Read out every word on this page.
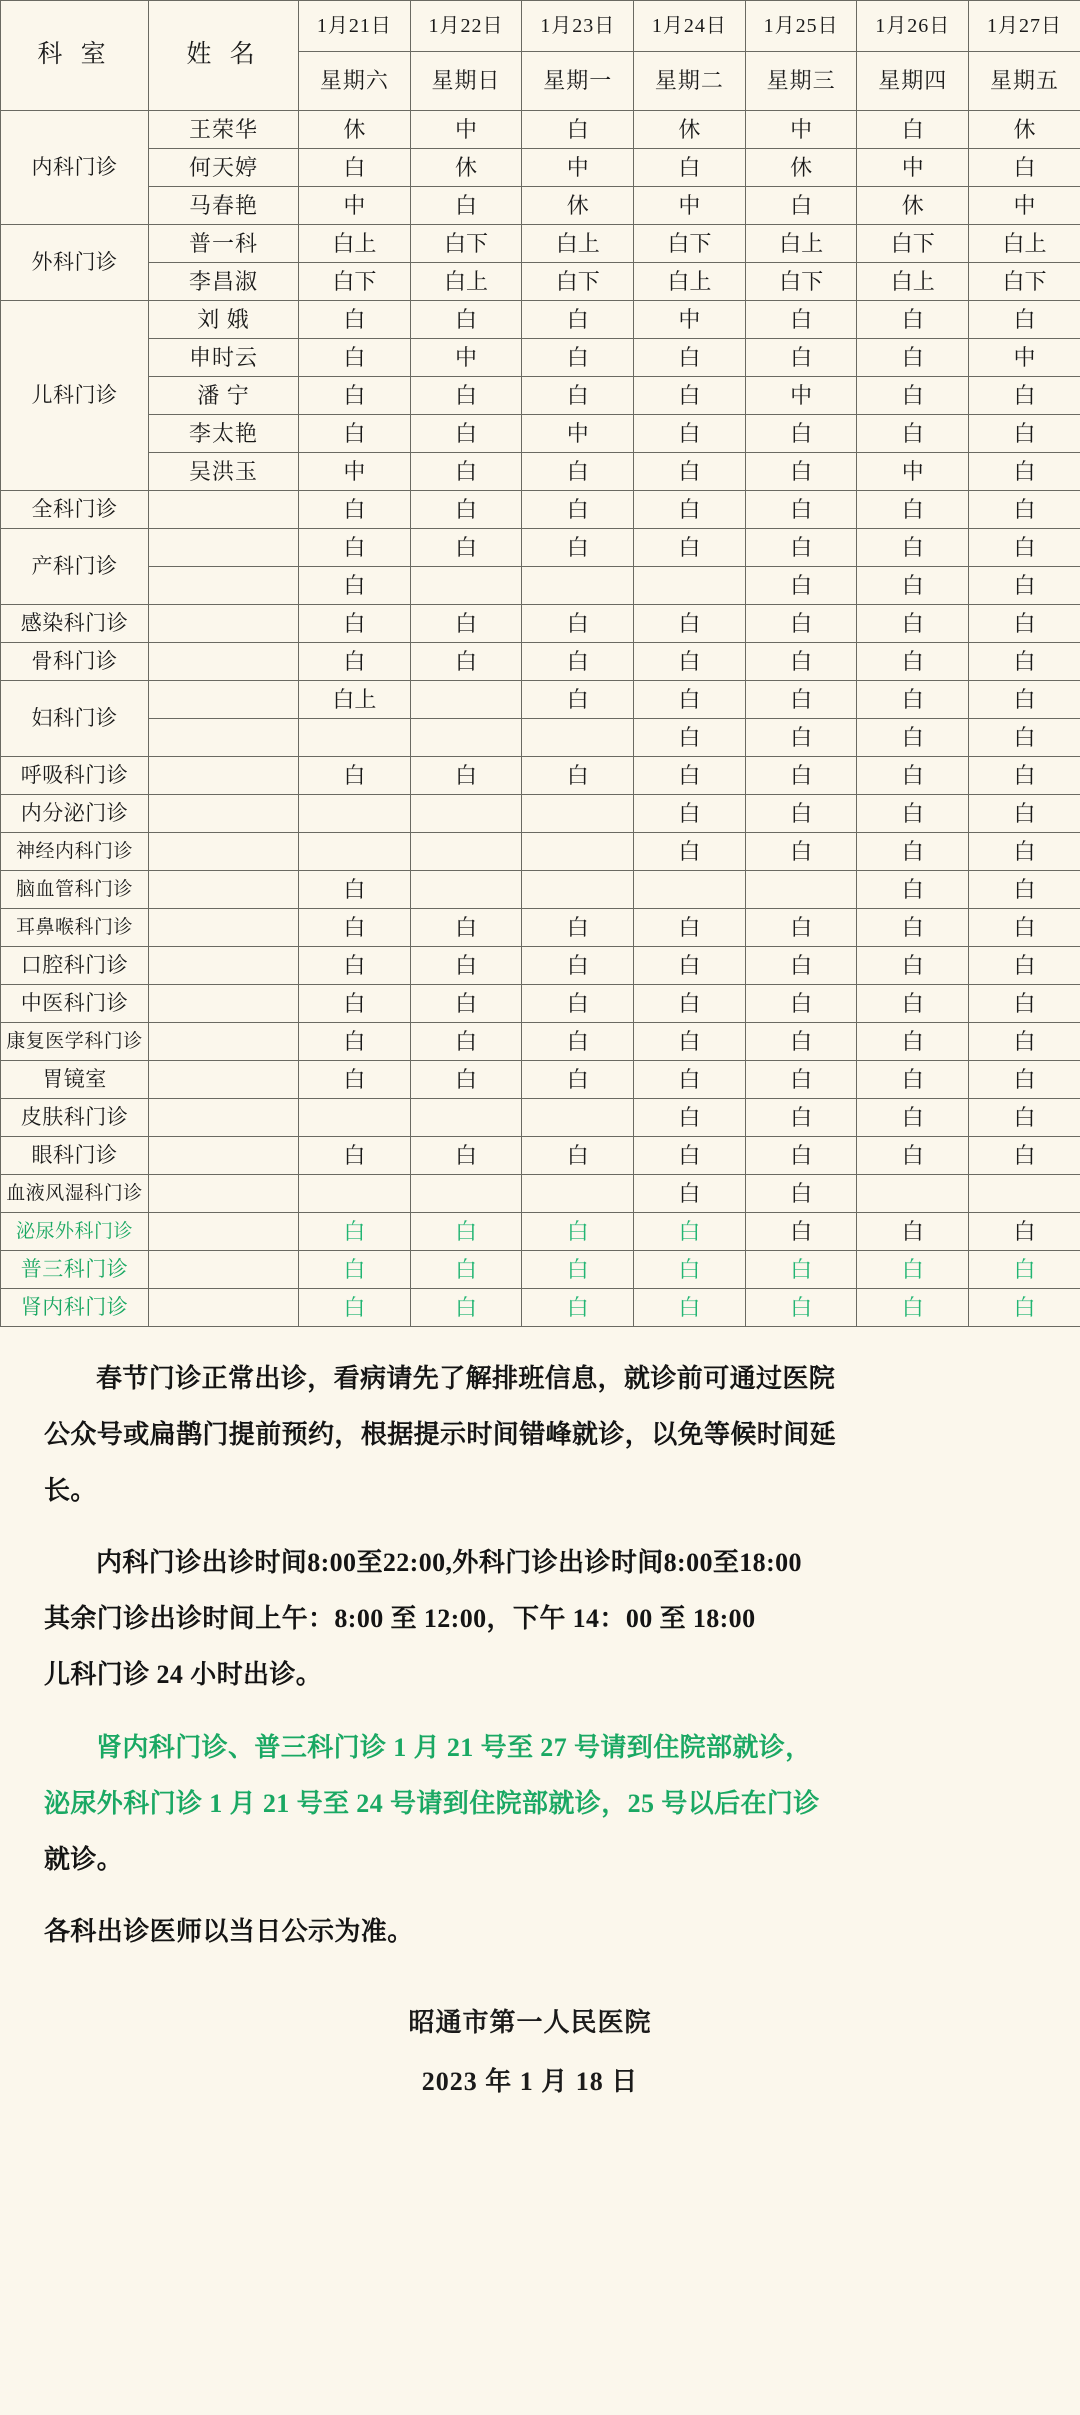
科 室	姓 名	1月21日	1月22日	1月23日	1月24日	1月25日	1月26日	1月27日
		星期六	星期日	星期一	星期二	星期三	星期四	星期五
内科门诊	王荣华	休	中	白	休	中	白	休
	何天婷	白	休	中	白	休	中	白
	马春艳	中	白	休	中	白	休	中
外科门诊	普一科	白上	白下	白上	白下	白上	白下	白上
	李昌淑	白下	白上	白下	白上	白下	白上	白下
儿科门诊	刘 娥	白	白	白	中	白	白	白
	申时云	白	中	白	白	白	白	中
	潘 宁	白	白	白	白	中	白	白
	李太艳	白	白	中	白	白	白	白
	吴洪玉	中	白	白	白	白	中	白
全科门诊		白	白	白	白	白	白	白
产科门诊		白	白	白	白	白	白	白
		白				白	白	白
感染科门诊		白	白	白	白	白	白	白
骨科门诊		白	白	白	白	白	白	白
妇科门诊		白上		白	白	白	白	白
					白	白	白	白
呼吸科门诊		白	白	白	白	白	白	白
内分泌门诊					白	白	白	白
神经内科门诊					白	白	白	白
脑血管科门诊		白					白	白
耳鼻喉科门诊		白	白	白	白	白	白	白
口腔科门诊		白	白	白	白	白	白	白
中医科门诊		白	白	白	白	白	白	白
康复医学科门诊		白	白	白	白	白	白	白
胃镜室		白	白	白	白	白	白	白
皮肤科门诊					白	白	白	白
眼科门诊		白	白	白	白	白	白	白
血液风湿科门诊					白	白		
泌尿外科门诊		白	白	白	白	白	白	白
普三科门诊		白	白	白	白	白	白	白
肾内科门诊		白	白	白	白	白	白	白

春节门诊正常出诊，看病请先了解排班信息，就诊前可通过医院

公众号或扁鹊门提前预约，根据提示时间错峰就诊，以免等候时间延

长。

内科门诊出诊时间8:00至22:00,外科门诊出诊时间8:00至18:00

其余门诊出诊时间上午：8:00 至 12:00，下午 14：00 至 18:00

儿科门诊 24 小时出诊。

肾内科门诊、普三科门诊 1 月 21 号至 27 号请到住院部就诊，

泌尿外科门诊 1 月 21 号至 24 号请到住院部就诊，25 号以后在门诊

就诊。

各科出诊医师以当日公示为准。

昭通市第一人民医院

2023 年 1 月 18 日
